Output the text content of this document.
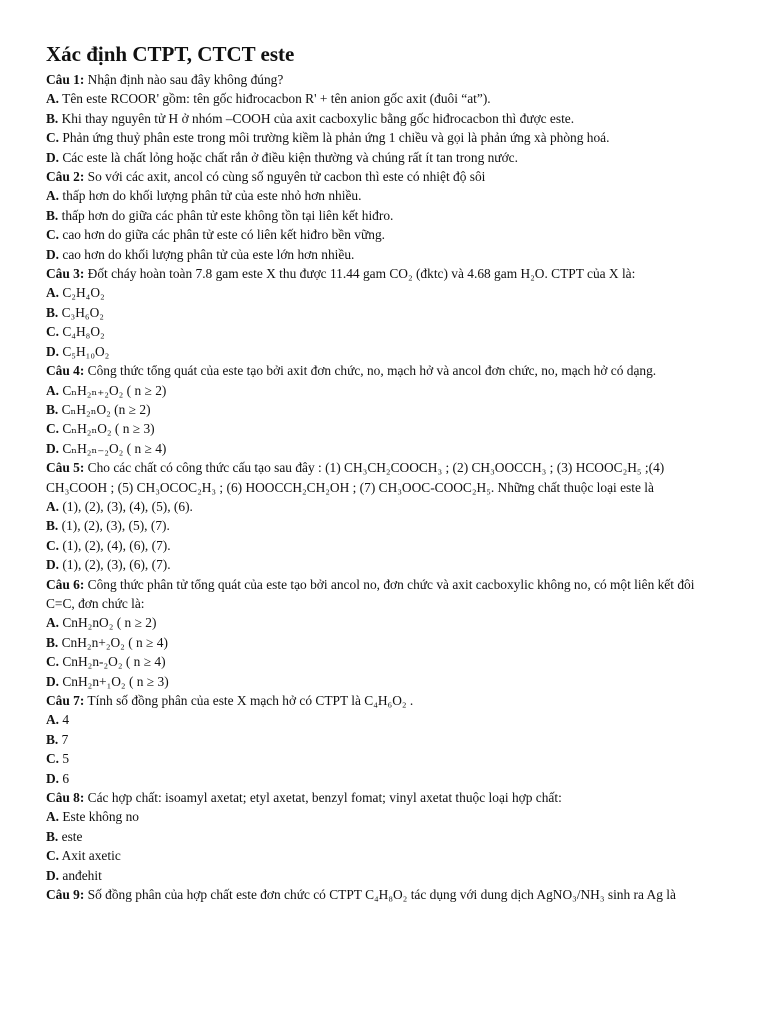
Xác định CTPT, CTCT este
Câu 1: Nhận định nào sau đây không đúng?
A. Tên este RCOOR' gồm: tên gốc hiđrocacbon R' + tên anion gốc axit (đuôi “at”).
B. Khi thay nguyên tử H ở nhóm –COOH của axit cacboxylic bằng gốc hiđrocacbon thì được este.
C. Phản ứng thuỷ phân este trong môi trường kiềm là phản ứng 1 chiều và gọi là phản ứng xà phòng hoá.
D. Các este là chất lỏng hoặc chất rắn ở điều kiện thường và chúng rất ít tan trong nước.
Câu 2: So với các axit, ancol có cùng số nguyên tử cacbon thì este có nhiệt độ sôi
A. thấp hơn do khối lượng phân tử của este nhỏ hơn nhiều.
B. thấp hơn do giữa các phân tử este không tồn tại liên kết hiđro.
C. cao hơn do giữa các phân tử este có liên kết hiđro bền vững.
D. cao hơn do khối lượng phân tử của este lớn hơn nhiều.
Câu 3: Đốt cháy hoàn toàn 7.8 gam este X thu được 11.44 gam CO₂ (đktc) và 4.68 gam H₂O. CTPT của X là:
A. C₂H₄O₂
B. C₃H₆O₂
C. C₄H₈O₂
D. C₅H₁₀O₂
Câu 4: Công thức tổng quát của este tạo bởi axit đơn chức, no, mạch hở và ancol đơn chức, no, mạch hở có dạng.
A. CₙH₂ₙ₊₂O₂ ( n ≥ 2)
B. CₙH₂ₙO₂ (n ≥ 2)
C. CₙH₂ₙO₂ ( n ≥ 3)
D. CₙH₂ₙ₋₂O₂ ( n ≥ 4)
Câu 5: Cho các chất có công thức cấu tạo sau đây : (1) CH₃CH₂COOCH₃ ; (2) CH₃OOCCH₃ ; (3) HCOOC₂H₅ ;(4) CH₃COOH ; (5) CH₃OCOC₂H₃ ; (6) HOOCCH₂CH₂OH ; (7) CH₃OOC-COOC₂H₅. Những chất thuộc loại este là
A. (1), (2), (3), (4), (5), (6).
B. (1), (2), (3), (5), (7).
C. (1), (2), (4), (6), (7).
D. (1), (2), (3), (6), (7).
Câu 6: Công thức phân tử tổng quát của este tạo bởi ancol no, đơn chức và axit cacboxylic không no, có một liên kết đôi C=C, đơn chức là:
A. CnH₂nO₂ ( n ≥ 2)
B. CnH₂n+₂O₂ ( n ≥ 4)
C. CnH₂n-₂O₂ ( n ≥ 4)
D. CnH₂n+₁O₂ ( n ≥ 3)
Câu 7: Tính số đồng phân của este X mạch hở có CTPT là C₄H₆O₂ .
A. 4
B. 7
C. 5
D. 6
Câu 8: Các hợp chất: isoamyl axetat; etyl axetat, benzyl fomat; vinyl axetat thuộc loại hợp chất:
A. Este không no
B. este
C. Axit axetic
D. anđehit
Câu 9: Số đồng phân của hợp chất este đơn chức có CTPT C₄H₈O₂ tác dụng với dung dịch AgNO₃/NH₃ sinh ra Ag là
